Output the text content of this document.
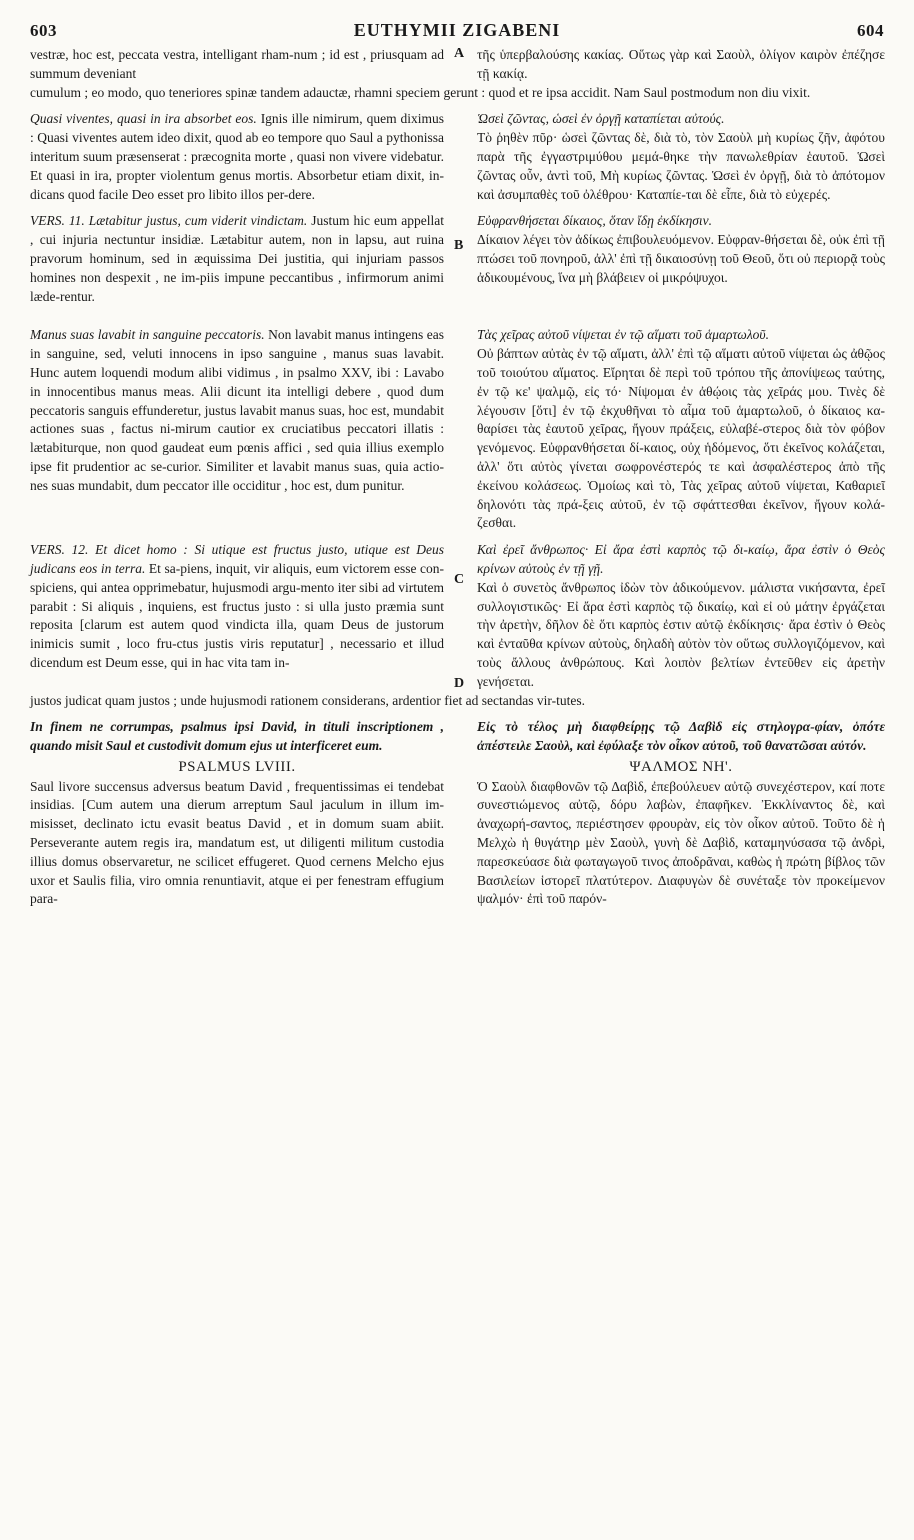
603	EUTHYMII ZIGABENI	604
A

vestræ, hoc est, peccata vestra, intelligant rham-num ; id est , priusquam ad summum deveniant

τῆς ὑπερβαλούσης κακίας. Οὕτως γὰρ καὶ Σαοὺλ, ὀλίγον καιρὸν ἐπέζησε τῇ κακίᾳ.

cumulum ; eo modo, quo teneriores spinæ tandem adauctæ, rhamni speciem gerunt : quod et re ipsa accidit. Nam Saul postmodum non diu vixit.

Quasi viventes, quasi in ira absorbet eos. Ignis ille nimirum, quem diximus : Quasi viventes autem ideo dixit, quod ab eo tempore quo Saul a pythonissa interitum suum præsenserat : præcognita morte , quasi non vivere videbatur. Et quasi in ira, propter violentum genus mortis. Absorbetur etiam dixit, in-dicans quod facile Deo esset pro libito illos per-dere.

Ὡσεὶ ζῶντας, ὡσεὶ ἐν ὀργῇ καταπίεται αὐτούς.

Τὸ ῥηθὲν πῦρ· ὡσεὶ ζῶντας δὲ, διὰ τὸ, τὸν Σαοὺλ μὴ κυρίως ζῆν, ἀφότου παρὰ τῆς ἐγγαστριμύθου μεμά-θηκε τὴν πανωλεθρίαν ἑαυτοῦ. Ὡσεὶ ζῶντας οὖν, ἀντὶ τοῦ, Μὴ κυρίως ζῶντας. Ὡσεὶ ἐν ὀργῇ, διὰ τὸ ἀπότομον καὶ ἀσυμπαθὲς τοῦ ὀλέθρου· Καταπίε-ται δὲ εἶπε, διὰ τὸ εὐχερές.

B

VERS. 11. Lætabitur justus, cum viderit vindictam. Justum hic eum appellat , cui injuria nectuntur insidiæ. Lætabitur autem, non in lapsu, aut ruina pravorum hominum, sed in æquissima Dei justitia, qui injuriam passos homines non despexit , ne im-piis impune peccantibus , infirmorum animi læde-rentur.

Εὐφρανθήσεται δίκαιος, ὅταν ἴδῃ ἐκδίκησιν.

Δίκαιον λέγει τὸν ἀδίκως ἐπιβουλευόμενον. Εὐφραν-θήσεται δὲ, οὐκ ἐπὶ τῇ πτώσει τοῦ πονηροῦ, ἀλλ' ἐπὶ τῇ δικαιοσύνῃ τοῦ Θεοῦ, ὅτι οὐ περιορᾷ τοὺς ἀδικουμένους, ἵνα μὴ βλάβειεν οἱ μικρόψυχοι.

C

Manus suas lavabit in sanguine peccatoris. Non lavabit manus intingens eas in sanguine, sed, veluti innocens in ipso sanguine , manus suas lavabit. Hunc autem loquendi modum alibi vidimus , in psalmo XXV, ibi : Lavabo in innocentibus manus meas. Alii dicunt ita intelligi debere , quod dum peccatoris sanguis effunderetur, justus lavabit manus suas, hoc est, mundabit actiones suas , factus ni-mirum cautior ex cruciatibus peccatori illatis : lætabiturque, non quod gaudeat eum pœnis affici , sed quia illius exemplo ipse fit prudentior ac se-curior. Similiter et lavabit manus suas, quia actio-nes suas mundabit, dum peccator ille occiditur , hoc est, dum punitur.

Τὰς χεῖρας αὐτοῦ νίψεται ἐν τῷ αἵματι τοῦ ἁμαρτωλοῦ.

Οὐ βάπτων αὐτὰς ἐν τῷ αἵματι, ἀλλ' ἐπὶ τῷ αἵματι αὐτοῦ νίψεται ὡς ἀθῷος τοῦ τοιούτου αἵματος. Εἴρηται δὲ περὶ τοῦ τρόπου τῆς ἀπονίψεως ταύτης, ἐν τῷ κε' ψαλμῷ, εἰς τό· Νίψομαι ἐν ἀθῴοις τὰς χεῖράς μου. Τινὲς δὲ λέγουσιν [ὅτι] ἐν τῷ ἐκχυθῆναι τὸ αἷμα τοῦ ἁμαρτωλοῦ, ὁ δίκαιος κα-θαρίσει τὰς ἑαυτοῦ χεῖρας, ἤγουν πράξεις, εὐλαβέ-στερος διὰ τὸν φόβον γενόμενος. Εὐφρανθήσεται δί-καιος, οὐχ ἡδόμενος, ὅτι ἐκεῖνος κολάζεται, ἀλλ' ὅτι αὐτὸς γίνεται σωφρονέστερός τε καὶ ἀσφαλέστερος ἀπὸ τῆς ἐκείνου κολάσεως. Ὁμοίως καὶ τὸ, Τὰς χεῖρας αὐτοῦ νίψεται, Καθαριεῖ δηλονότι τὰς πρά-ξεις αὐτοῦ, ἐν τῷ σφάττεσθαι ἐκεῖνον, ἤγουν κολά-ζεσθαι.

D

VERS. 12. Et dicet homo : Si utique est fructus justo, utique est Deus judicans eos in terra. Et sa-piens, inquit, vir aliquis, eum victorem esse con-spiciens, qui antea opprimebatur, hujusmodi argu-mento iter sibi ad virtutem parabit : Si aliquis , inquiens, est fructus justo : si ulla justo præmia sunt reposita [clarum est autem quod vindicta illa, quam Deus de justorum inimicis sumit , loco fru-ctus justis viris reputatur] , necessario et illud dicendum est Deum esse, qui in hac vita tam in-

Καὶ ἐρεῖ ἄνθρωπος· Εἰ ἄρα ἐστὶ καρπὸς τῷ δι-καίῳ, ἄρα ἐστὶν ὁ Θεὸς κρίνων αὐτοὺς ἐν τῇ γῇ.

Καὶ ὁ συνετὸς ἄνθρωπος ἰδὼν τὸν ἀδικούμενον. μάλιστα νικήσαντα, ἐρεῖ συλλογιστικῶς· Εἰ ἄρα ἐστὶ καρπὸς τῷ δικαίῳ, καὶ εἰ οὐ μάτην ἐργάζεται τὴν ἀρετὴν, δῆλον δὲ ὅτι καρπὸς ἐστιν αὐτῷ ἐκδίκησις· ἄρα ἐστὶν ὁ Θεὸς καὶ ἐνταῦθα κρίνων αὐτοὺς, δηλαδὴ αὐτὸν τὸν οὕτως συλλογιζόμενον, καὶ τοὺς ἄλλους ἀνθρώπους. Καὶ λοιπὸν βελτίων ἐντεῦθεν εἰς ἀρετὴν γενήσεται.

justos judicat quam justos ; unde hujusmodi rationem considerans, ardentior fiet ad sectandas vir-tutes.

In finem ne corrumpas, psalmus ipsi David, in tituli inscriptionem , quando misit Saul et custodivit domum ejus ut interficeret eum.

PSALMUS LVIII.

Saul livore succensus adversus beatum David , frequentissimas ei tendebat insidias. [Cum autem una dierum arreptum Saul jaculum in illum im-misisset, declinato ictu evasit beatus David , et in domum suam abiit. Perseverante autem regis ira, mandatum est, ut diligenti militum custodia illius domus observaretur, ne scilicet effugeret. Quod cernens Melcho ejus uxor et Saulis filia, viro omnia renuntiavit, atque ei per fenestram effugium para-

Εἰς τὸ τέλος μὴ διαφθείρῃς τῷ Δαβὶδ εἰς στηλογρα-φίαν, ὁπότε ἀπέστειλε Σαοὺλ, καὶ ἐφύλαξε τὸν οἶκον αὐτοῦ, τοῦ θανατῶσαι αὐτόν.

ΨΑΛΜΟΣ ΝΗ'.

Ὁ Σαοὺλ διαφθονῶν τῷ Δαβὶδ, ἐπεβούλευεν αὐτῷ συνεχέστερον, καί ποτε συνεστιώμενος αὐτῷ, δόρυ λαβὼν, ἐπαφῆκεν. Ἐκκλίναντος δὲ, καὶ ἀναχωρή-σαντος, περιέστησεν φρουρὰν, εἰς τὸν οἶκον αὐτοῦ. Τοῦτο δὲ ἡ Μελχὼ ἡ θυγάτηρ μὲν Σαοὺλ, γυνὴ δὲ Δαβὶδ, καταμηνύσασα τῷ ἀνδρὶ, παρεσκεύασε διὰ φωταγωγοῦ τινος ἀποδρᾶναι, καθὼς ἡ πρώτη βίβλος τῶν Βασιλείων ἱστορεῖ πλατύτερον. Διαφυγὼν δὲ συνέταξε τὸν προκείμενον ψαλμόν· ἐπὶ τοῦ παρόν-
